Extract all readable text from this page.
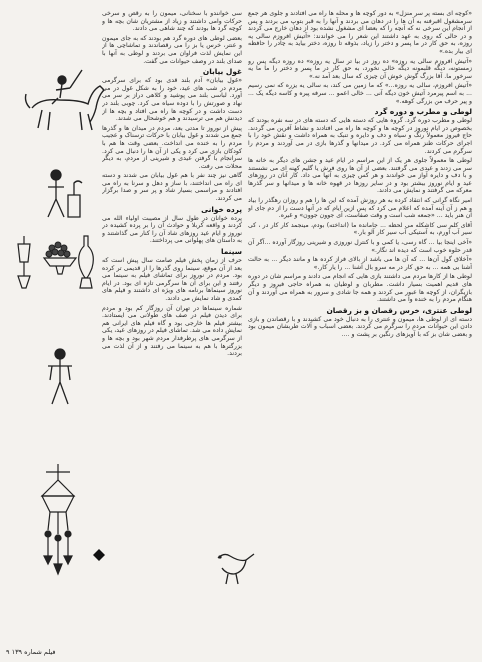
«کوچه ای بسته پر سر منزل» به دور کوچه ها و محله ها راه می افتادند و جلوی هر جمع سرمشغول اقبرفنه به آن ها را در دهان می بردند و آنها را به قبر بتوپ می بردند و پس از انجام این سرخی نه که آنچه را که بعضا ای مشغول نشده بود از دهان خارج می کردند و در حالی که روی به عهد داشتند این شعر را می خواندند: «آتیش افروزم سالی یه روزه، به حق کار در ما پسر و دختر را زیاد، بذوقه تا روزه، دختر بیاید به چادر را حافظه ای بیار بده.»

«آتیش افروزم سالی یه روزه» ده روز در بیا تر سال یه روزه» ده روزه دیگه پس رو زمستونه، دیگه قلبمونه دیگه خالی نخورد، به حق کار در ما پسر و دختر را ما ما یه سرخور ما. آقا بزرگ گوش خوش آن چیزی که سال بعد آمد نه.»

«آتیش افروزم، سالی یه روزه...» که ما زمین می کند، به سالی یه یزره که نمی رسیم ... به اسم پیرمرد آتیش خون دیگه آنی ... خالی اعمو ... سرفه پیره و کاسه دیگه یک ... و پیر حرف من بزرگی کوهه.»

لوطی و مطرب و دوره گرد

لوطی و مطرب دوره گرد. گروه هایی که دسته هایی که دسته های در سه نفره بودند که بخصوص در ایام نوروز در کوچه ها و کوچه ها راه می افتادند و نشاط آفرین می گردند. حاج فیروز معمولاً رنگ و سیاه و دف و دایره و تنبک به همراه داشت و نقش خود را با اجرای حرکات طنز همراه می کرد. در میدانها و گذرها بازی در می آوردند و مردم را سرگرم می کردند.

لوطی ها معمولاً جلوی هر یک از این مراسم در ایام عید و جشن های دیگر به خانه ها سر می زدند و عیدی می گرفتند. بعضی از آن ها روی فرش یا گلیم کهنه ای می نشستند و با دف و دایره آواز می خواندند و هر کس چیزی به آنها می داد. کار آنان در روزهای عید و ایام نوروز بیشتر بود و در سایر روزها در قهوه خانه ها و میدانها و سر گذرها معرکه می گرفتند و نمایش می دادند.

امیر نگاه گرانی که انتقاد کرده به هر روزش آمده که این ها را هم و روزان رهگذر را بیاد و هم ز آن آینه آمده که اعلام می کرد که پس ازین ایام که در آنها دست را از دم جای او آن هنر باید ... «جمعه شب است و وقت صفاست، آی جوون جوون» و غیره.

آقای کلم سی کاشکله می لحظه ... جامانده ما (انداخته) بودم، مینجمد کار کار در ، کی سیر آب آورم، به آستیکی آب سیر کار آلو بار.»

«آخی اینجا بیا ... گاه رسی، یا کمی و با کنترل نوروزی و شیرینی روزگار آورده ...آگر آن قدر حلوه خوب است که دیده اند نگار.»

«آخلاق گول آن‌ها ... که آن ها می باشد از بالای فراز کرده ها و مانند دیگر ... به حالت آشنا بی همه ... به حق کار در مه سرو بال آشنا ... را یار کار.»

لوطی ها از کارها مردم می داشتند بازی هایی که انجام می دادند و مراسم شان در دوره های قدیم اهمیت بسیار داشت. مطربان و لوطیان به همراه حاجی فیروز و دیگر بازیگران، از کوچه ها عبور می کردند و همه جا شادی و سرور به همراه می آوردند و آن هنگام مردم را به خنده وا می داشتند.

لوطی عنتری، خرس رقصان و بز رقصان

دسته ای از لوطی ها، میمون و عنتری را به دنبال خود می کشیدند و با رقصاندن و بازی دادن این حیوانات مردم را سرگرم می کردند. بعضی اسباب و آلات طربشان میمون بود و بعضی شان بز که با آویزهای رنگین بر پشت و ....

سی خوانندو با سخنانی، میمون را به رقص و سرخی حرکات وامی داشتند و زیاد از مشتریان شان بچه ها و کوچه گرد ها بودند که چند شاهی می دادند.

بعضی لوطی های دوره گرد هم بودند که به جای میمون و عنتر، خرس یا بز را می رقصاندند و تماشاچی ها از این نمایش لذت فراوان می بردند و لوطی به آنها با صدای بلند در وصف حیوانات می گفت.

غول بیابان

«غول بیابان» آدم بلند قدی بود که برای سرگرمی مردم در شب های عید، خود را به شکل غول در می آورد. لباسی بلند می پوشید و کلاهی دراز بر سر می نهاد و صورتش را با دوده سیاه می کرد. چوبی بلند در دست داشت و در کوچه ها راه می افتاد و بچه ها از دیدنش هم می ترسیدند و هم خوشحال می شدند.

پیش از نوروز تا مدتی بعد، مردم در میدان ها و گذرها جمع می شدند و غول بیابان با حرکات ترسناک و عجیب مردم را به خنده می انداخت. بعضی وقت ها هم با کودکان بازی می کرد و یکی از آن ها را دنبال می کرد. سرانجام با گرفتن عیدی و شیرینی از مردم، به دیگر محلات می رفت.

گاهی نیز چند نفر با هم غول بیابان می شدند و دسته ای راه می انداختند، با ساز و دهل و سرنا به راه می افتادند و مراسمی بسیار شاد و پر سر و صدا برگزار می کردند.

پرده خوانی

پرده خوانان در طول سال از مصیبت اولیاء الله می کردند و واقعه کربلا و حوادث آن را بر پرده کشیده در نوروز و ایام عید روزهای شاد آن را کنار می گذاشتند و به داستان های پهلوانی می پرداختند.

سینما

حرف از زمان پخش فیلم صامت سال پیش است که بعد از آن موقع، سینما روی گذرها را از قدیمی تر کرده بود. مردم در نوروز برای تماشای فیلم به سینما می رفتند و این برای آن ها سرگرمی تازه ای بود. در ایام نوروز سینماها برنامه های ویژه ای داشتند و فیلم های کمدی و شاد نمایش می دادند.

شماره سینماها در تهران آن روزگار کم بود و مردم برای دیدن فیلم در صف های طولانی می ایستادند. بیشتر فیلم ها خارجی بود و گاه فیلم های ایرانی هم نمایش داده می شد. تماشای فیلم در روزهای عید، یکی از سرگرمی های پرطرفدار مردم شهر بود و بچه ها و بزرگترها با هم به سینما می رفتند و از آن لذت می بردند.

فیلم شماره ۱۳۹ ۹
